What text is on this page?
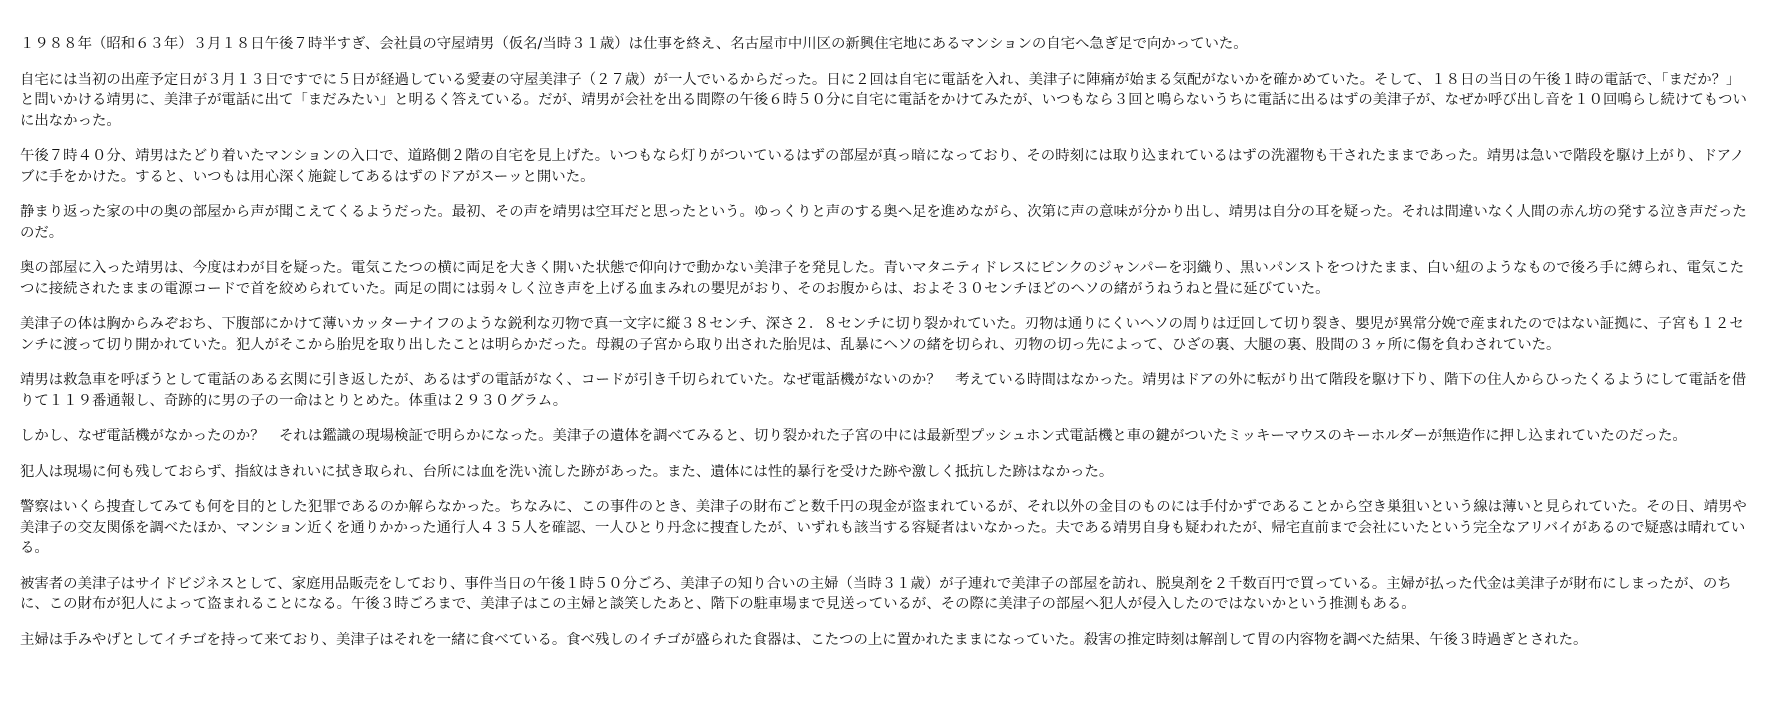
１９８８年（昭和６３年）３月１８日午後７時半すぎ、会社員の守屋靖男（仮名/当時３１歳）は仕事を終え、名古屋市中川区の新興住宅地にあるマンションの自宅へ急ぎ足で向かっていた。

自宅には当初の出産予定日が３月１３日ですでに５日が経過している愛妻の守屋美津子（２７歳）が一人でいるからだった。日に２回は自宅に電話を入れ、美津子に陣痛が始まる気配がないかを確かめていた。そして、１８日の当日の午後１時の電話で、「まだか？」と問いかける靖男に、美津子が電話に出て「まだみたい」と明るく答えている。だが、靖男が会社を出る間際の午後６時５０分に自宅に電話をかけてみたが、いつもなら３回と鳴らないうちに電話に出るはずの美津子が、なぜか呼び出し音を１０回鳴らし続けてもついに出なかった。

午後７時４０分、靖男はたどり着いたマンションの入口で、道路側２階の自宅を見上げた。いつもなら灯りがついているはずの部屋が真っ暗になっており、その時刻には取り込まれているはずの洗濯物も干されたままであった。靖男は急いで階段を駆け上がり、ドアノブに手をかけた。すると、いつもは用心深く施錠してあるはずのドアがスーッと開いた。

静まり返った家の中の奥の部屋から声が聞こえてくるようだった。最初、その声を靖男は空耳だと思ったという。ゆっくりと声のする奥へ足を進めながら、次第に声の意味が分かり出し、靖男は自分の耳を疑った。それは間違いなく人間の赤ん坊の発する泣き声だったのだ。

奥の部屋に入った靖男は、今度はわが目を疑った。電気こたつの横に両足を大きく開いた状態で仰向けで動かない美津子を発見した。青いマタニティドレスにピンクのジャンパーを羽織り、黒いパンストをつけたまま、白い紐のようなもので後ろ手に縛られ、電気こたつに接続されたままの電源コードで首を絞められていた。両足の間には弱々しく泣き声を上げる血まみれの嬰児がおり、そのお腹からは、およそ３０センチほどのヘソの緒がうねうねと畳に延びていた。

美津子の体は胸からみぞおち、下腹部にかけて薄いカッターナイフのような鋭利な刃物で真一文字に縦３８センチ、深さ２．８センチに切り裂かれていた。刃物は通りにくいヘソの周りは迂回して切り裂き、嬰児が異常分娩で産まれたのではない証拠に、子宮も１２センチに渡って切り開かれていた。犯人がそこから胎児を取り出したことは明らかだった。母親の子宮から取り出された胎児は、乱暴にヘソの緒を切られ、刃物の切っ先によって、ひざの裏、大腿の裏、股間の３ヶ所に傷を負わされていた。

靖男は救急車を呼ぼうとして電話のある玄関に引き返したが、あるはずの電話がなく、コードが引き千切られていた。なぜ電話機がないのか？　考えている時間はなかった。靖男はドアの外に転がり出て階段を駆け下り、階下の住人からひったくるようにして電話を借りて１１９番通報し、奇跡的に男の子の一命はとりとめた。体重は２９３０グラム。

しかし、なぜ電話機がなかったのか？　それは鑑識の現場検証で明らかになった。美津子の遺体を調べてみると、切り裂かれた子宮の中には最新型プッシュホン式電話機と車の鍵がついたミッキーマウスのキーホルダーが無造作に押し込まれていたのだった。

犯人は現場に何も残しておらず、指紋はきれいに拭き取られ、台所には血を洗い流した跡があった。また、遺体には性的暴行を受けた跡や激しく抵抗した跡はなかった。

警察はいくら捜査してみても何を目的とした犯罪であるのか解らなかった。ちなみに、この事件のとき、美津子の財布ごと数千円の現金が盗まれているが、それ以外の金目のものには手付かずであることから空き巣狙いという線は薄いと見られていた。その日、靖男や美津子の交友関係を調べたほか、マンション近くを通りかかった通行人４３５人を確認、一人ひとり丹念に捜査したが、いずれも該当する容疑者はいなかった。夫である靖男自身も疑われたが、帰宅直前まで会社にいたという完全なアリバイがあるので疑惑は晴れている。

被害者の美津子はサイドビジネスとして、家庭用品販売をしており、事件当日の午後１時５０分ごろ、美津子の知り合いの主婦（当時３１歳）が子連れで美津子の部屋を訪れ、脱臭剤を２千数百円で買っている。主婦が払った代金は美津子が財布にしまったが、のちに、この財布が犯人によって盗まれることになる。午後３時ごろまで、美津子はこの主婦と談笑したあと、階下の駐車場まで見送っているが、その際に美津子の部屋へ犯人が侵入したのではないかという推測もある。

主婦は手みやげとしてイチゴを持って来ており、美津子はそれを一緒に食べている。食べ残しのイチゴが盛られた食器は、こたつの上に置かれたままになっていた。殺害の推定時刻は解剖して胃の内容物を調べた結果、午後３時過ぎとされた。
